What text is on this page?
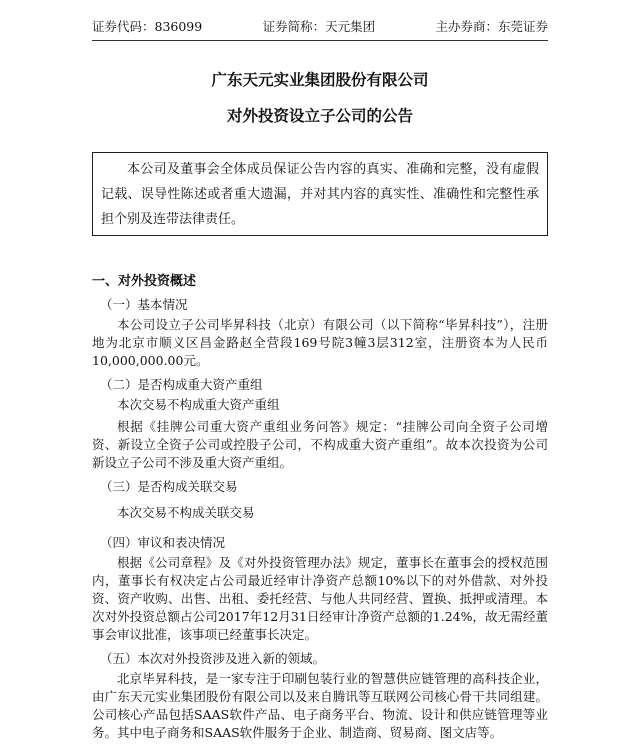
证券代码：836099	证券简称：天元集团	主办券商：东莞证券
广东天元实业集团股份有限公司
对外投资设立子公司的公告
本公司及董事会全体成员保证公告内容的真实、准确和完整，没有虚假记载、误导性陈述或者重大遗漏，并对其内容的真实性、准确性和完整性承担个别及连带法律责任。
一、对外投资概述
（一）基本情况
本公司设立子公司毕昇科技（北京）有限公司（以下简称“毕昇科技”），注册地为北京市顺义区昌金路赵全营段169号院3幢3层312室，注册资本为人民币10,000,000.00元。
（二）是否构成重大资产重组
本次交易不构成重大资产重组
根据《挂牌公司重大资产重组业务问答》规定：“挂牌公司向全资子公司增资、新设立全资子公司或控股子公司，不构成重大资产重组”。故本次投资为公司新设立子公司不涉及重大资产重组。
（三）是否构成关联交易
本次交易不构成关联交易
（四）审议和表决情况
根据《公司章程》及《对外投资管理办法》规定，董事长在董事会的授权范围内，董事长有权决定占公司最近经审计净资产总额10%以下的对外借款、对外投资、资产收购、出售、出租、委托经营、与他人共同经营、置换、抵押或清理。本次对外投资总额占公司2017年12月31日经审计净资产总额的1.24%，故无需经董事会审议批准，该事项已经董事长决定。
（五）本次对外投资涉及进入新的领域。
北京毕昇科技，是一家专注于印刷包装行业的智慧供应链管理的高科技企业，由广东天元实业集团股份有限公司以及来自腾讯等互联网公司核心骨干共同组建。公司核心产品包括SAAS软件产品、电子商务平台、物流、设计和供应链管理等业务。其中电子商务和SAAS软件服务于企业、制造商、贸易商、图文店等。
